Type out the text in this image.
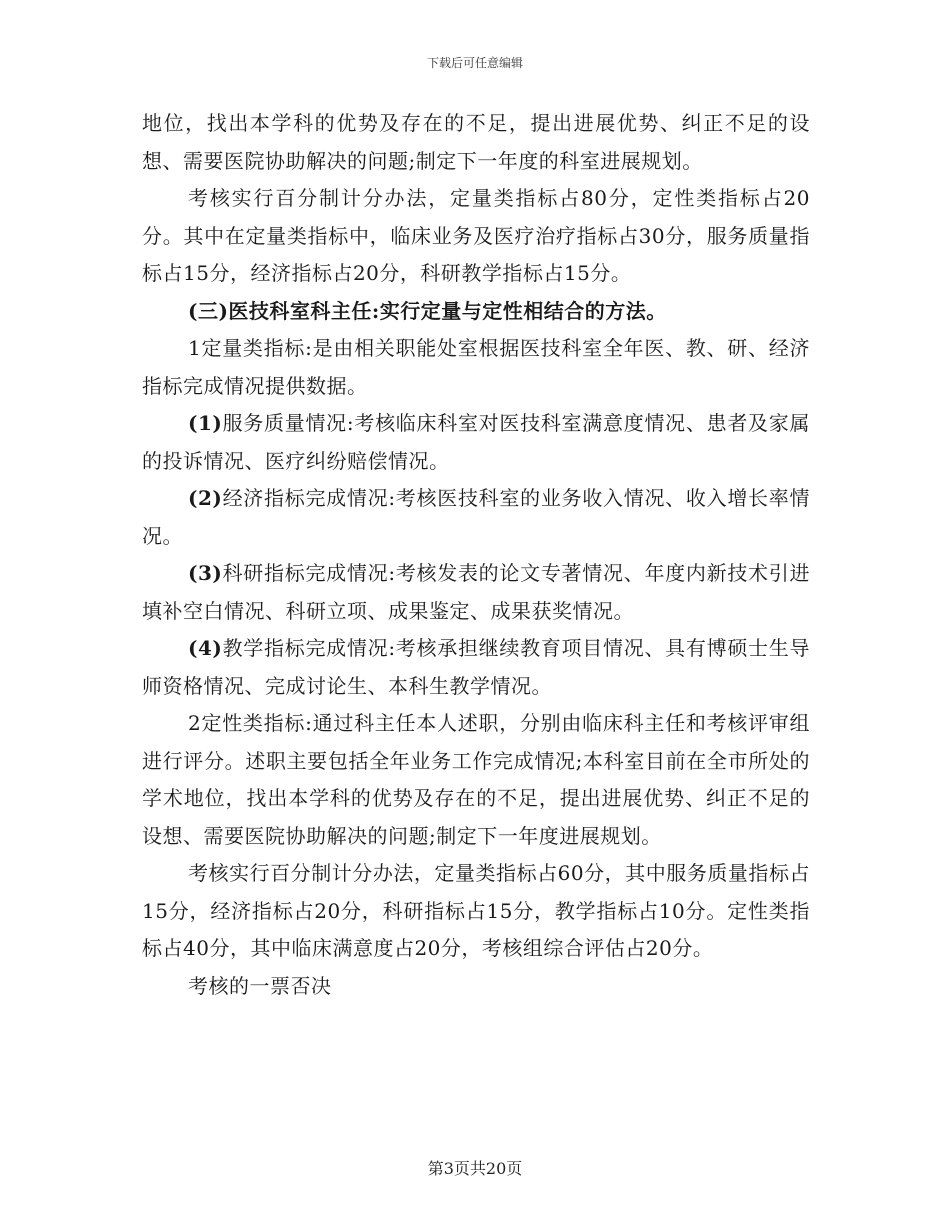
下载后可任意编辑

地位，找出本学科的优势及存在的不足，提出进展优势、纠正不足的设想、需要医院协助解决的问题;制定下一年度的科室进展规划。

考核实行百分制计分办法，定量类指标占80分，定性类指标占20分。其中在定量类指标中，临床业务及医疗治疗指标占30分，服务质量指标占15分，经济指标占20分，科研教学指标占15分。

(三)医技科室科主任:实行定量与定性相结合的方法。

1定量类指标:是由相关职能处室根据医技科室全年医、教、研、经济指标完成情况提供数据。

(1)服务质量情况:考核临床科室对医技科室满意度情况、患者及家属的投诉情况、医疗纠纷赔偿情况。

(2)经济指标完成情况:考核医技科室的业务收入情况、收入增长率情况。

(3)科研指标完成情况:考核发表的论文专著情况、年度内新技术引进填补空白情况、科研立项、成果鉴定、成果获奖情况。

(4)教学指标完成情况:考核承担继续教育项目情况、具有博硕士生导师资格情况、完成讨论生、本科生教学情况。

2定性类指标:通过科主任本人述职，分别由临床科主任和考核评审组进行评分。述职主要包括全年业务工作完成情况;本科室目前在全市所处的学术地位，找出本学科的优势及存在的不足，提出进展优势、纠正不足的设想、需要医院协助解决的问题;制定下一年度进展规划。

考核实行百分制计分办法，定量类指标占60分，其中服务质量指标占15分，经济指标占20分，科研指标占15分，教学指标占10分。定性类指标占40分，其中临床满意度占20分，考核组综合评估占20分。

考核的一票否决

第3页共20页
